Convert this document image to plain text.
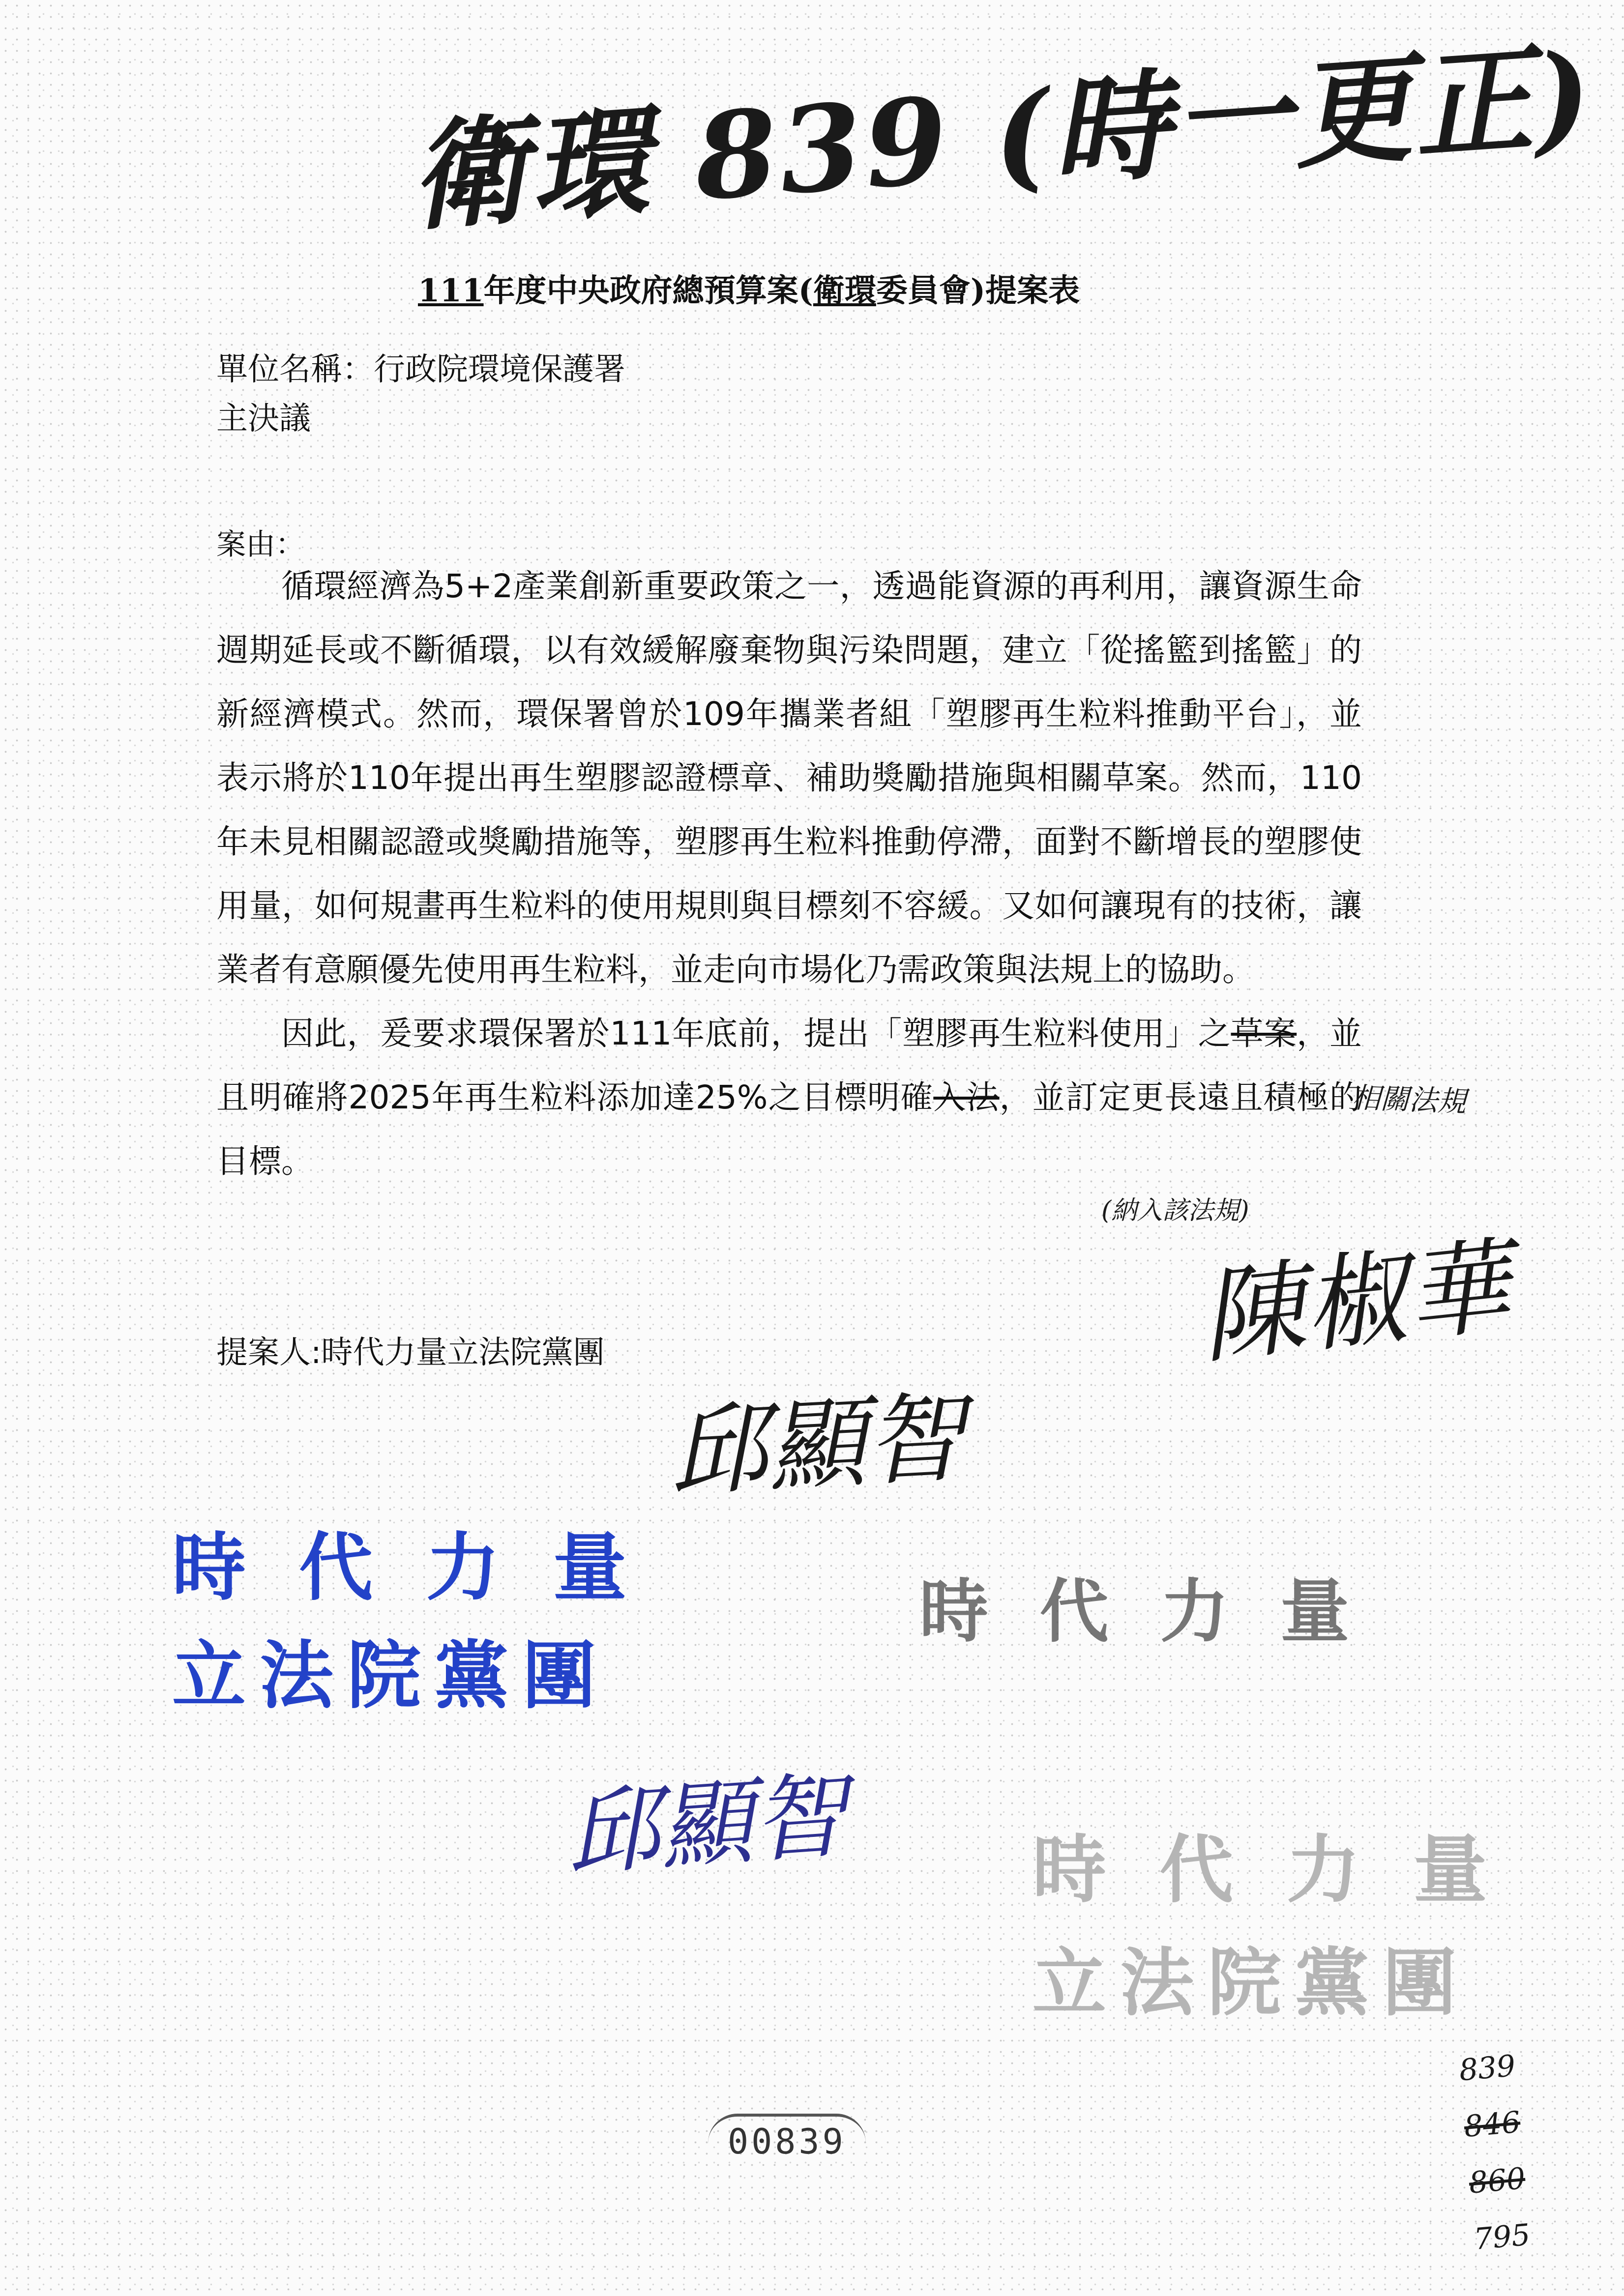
衛環 839 (時一更正)
111年度中央政府總預算案(衛環委員會)提案表
單位名稱：行政院環境保護署
主決議
案由：

循環經濟為5+2產業創新重要政策之一，透過能資源的再利用，讓資源生命週期延長或不斷循環，以有效緩解廢棄物與污染問題，建立「從搖籃到搖籃」的新經濟模式。然而，環保署曾於109年攜業者組「塑膠再生粒料推動平台」，並表示將於110年提出再生塑膠認證標章、補助獎勵措施與相關草案。然而，110年未見相關認證或獎勵措施等，塑膠再生粒料推動停滯，面對不斷增長的塑膠使用量，如何規畫再生粒料的使用規則與目標刻不容緩。又如何讓現有的技術，讓業者有意願優先使用再生粒料，並走向市場化乃需政策與法規上的協助。

因此，爰要求環保署於111年底前，提出「塑膠再生粒料使用」之草案，並且明確將2025年再生粒料添加達25%之目標明確入法，並訂定更長遠且積極的目標。

相關法規
(納入該法規)
提案人:時代力量立法院黨團	陳椒華
邱顯智
時 代 力 量
立法院黨團
時 代 力 量
邱顯智 時 代 力 量
立法院黨團
00839
839
846
860
795
